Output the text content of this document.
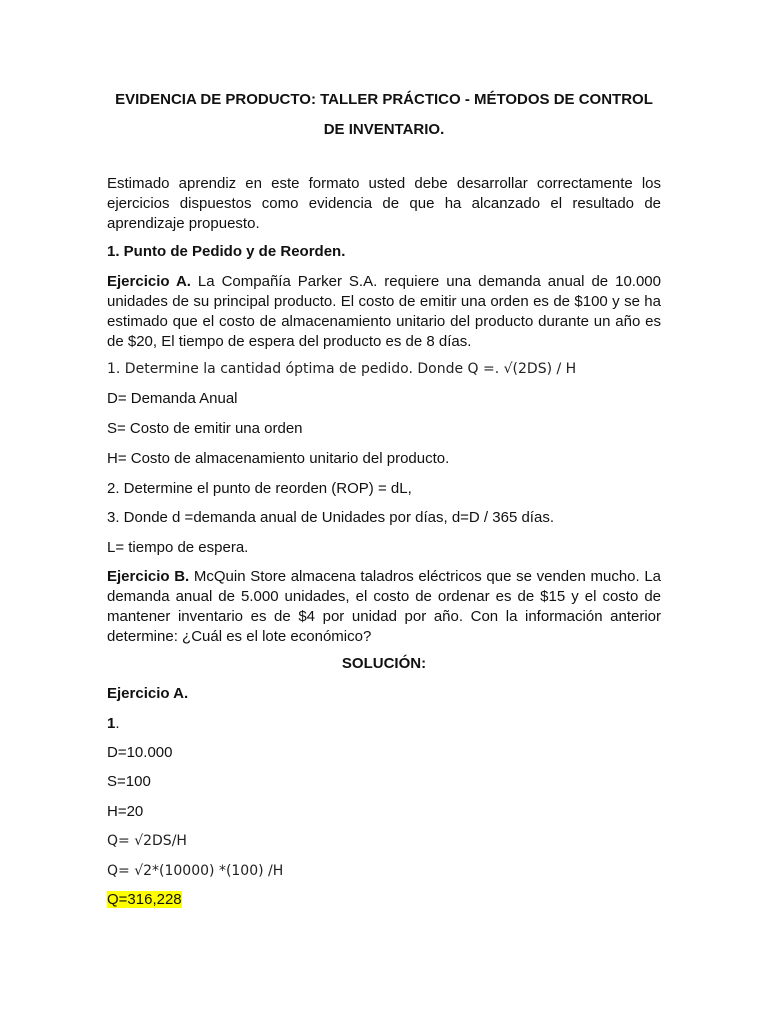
EVIDENCIA DE PRODUCTO: TALLER PRÁCTICO - MÉTODOS DE CONTROL
DE INVENTARIO.
Estimado aprendiz en este formato usted debe desarrollar correctamente los ejercicios dispuestos como evidencia de que ha alcanzado el resultado de aprendizaje propuesto.
1. Punto de Pedido y de Reorden.
Ejercicio A. La Compañía Parker S.A. requiere una demanda anual de 10.000 unidades de su principal producto. El costo de emitir una orden es de $100 y se ha estimado que el costo de almacenamiento unitario del producto durante un año es de $20, El tiempo de espera del producto es de 8 días.
1. Determine la cantidad óptima de pedido. Donde Q =. √(2DS) / H
D= Demanda Anual
S= Costo de emitir una orden
H= Costo de almacenamiento unitario del producto.
2. Determine el punto de reorden (ROP) = dL,
3. Donde d =demanda anual de Unidades por días, d=D / 365 días.
L= tiempo de espera.
Ejercicio B. McQuin Store almacena taladros eléctricos que se venden mucho. La demanda anual de 5.000 unidades, el costo de ordenar es de $15 y el costo de mantener inventario es de $4 por unidad por año. Con la información anterior determine: ¿Cuál es el lote económico?
SOLUCIÓN:
Ejercicio A.
1.
D=10.000
S=100
H=20
Q= √2DS/H
Q= √2*(10000) *(100) /H
Q=316,228
